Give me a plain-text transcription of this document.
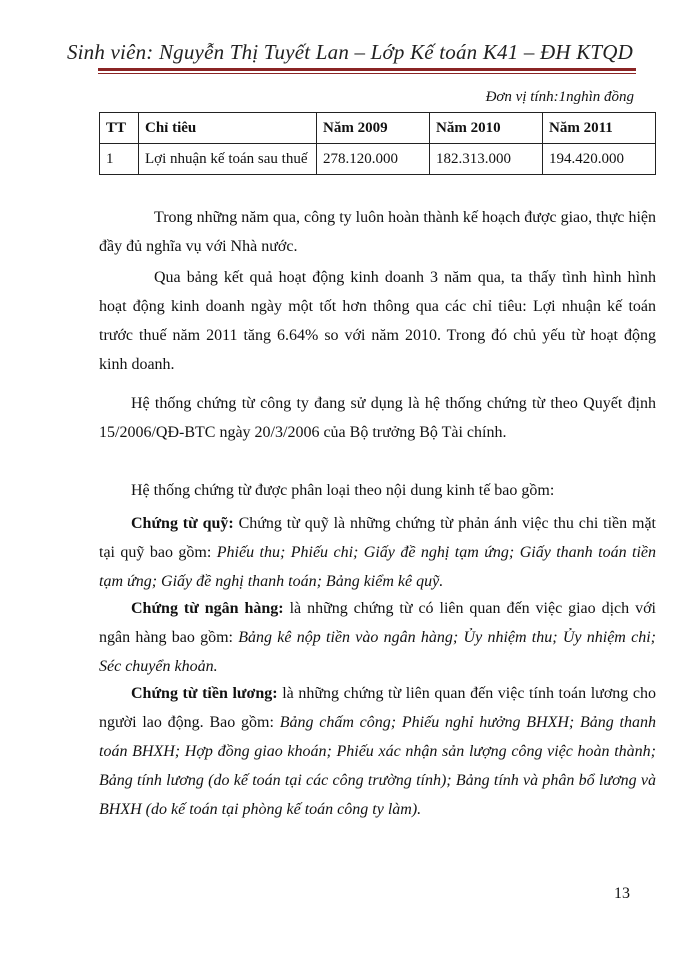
Sinh viên: Nguyễn Thị Tuyết Lan – Lớp Kế toán K41 – ĐH KTQD
Đơn vị tính:1nghìn đồng
TT	Chỉ tiêu	Năm 2009	Năm 2010	Năm 2011
1	Lợi nhuận kế toán sau thuế	278.120.000	182.313.000	194.420.000
Trong những năm qua, công ty luôn hoàn thành kế hoạch được giao, thực hiện đầy đủ nghĩa vụ với Nhà nước.
Qua bảng kết quả hoạt động kinh doanh 3 năm qua, ta thấy tình hình hình hoạt động kinh doanh ngày một tốt hơn thông qua các chỉ tiêu: Lợi nhuận kế toán trước thuế năm 2011 tăng 6.64% so với năm 2010. Trong đó chủ yếu từ hoạt động kinh doanh.
Hệ thống chứng từ công ty đang sử dụng là hệ thống chứng từ theo Quyết định 15/2006/QĐ-BTC ngày 20/3/2006 của Bộ trưởng Bộ Tài chính.
Hệ thống chứng từ được phân loại theo nội dung kinh tế bao gồm:
Chứng từ quỹ: Chứng từ quỹ là những chứng từ phản ánh việc thu chi tiền mặt tại quỹ bao gồm: Phiếu thu; Phiếu chi; Giấy đề nghị tạm ứng; Giấy thanh toán tiền tạm ứng; Giấy đề nghị thanh toán; Bảng kiểm kê quỹ.
Chứng từ ngân hàng: là những chứng từ có liên quan đến việc giao dịch với ngân hàng bao gồm: Bảng kê nộp tiền vào ngân hàng; Ủy nhiệm thu; Ủy nhiệm chi; Séc chuyển khoản.
Chứng từ tiền lương: là những chứng từ liên quan đến việc tính toán lương cho người lao động. Bao gồm: Bảng chấm công; Phiếu nghỉ hưởng BHXH; Bảng thanh toán BHXH; Hợp đồng giao khoán; Phiếu xác nhận sản lượng công việc hoàn thành; Bảng tính lương (do kế toán tại các công trường tính); Bảng tính và phân bổ lương và BHXH (do kế toán tại phòng kế toán công ty làm).
13
